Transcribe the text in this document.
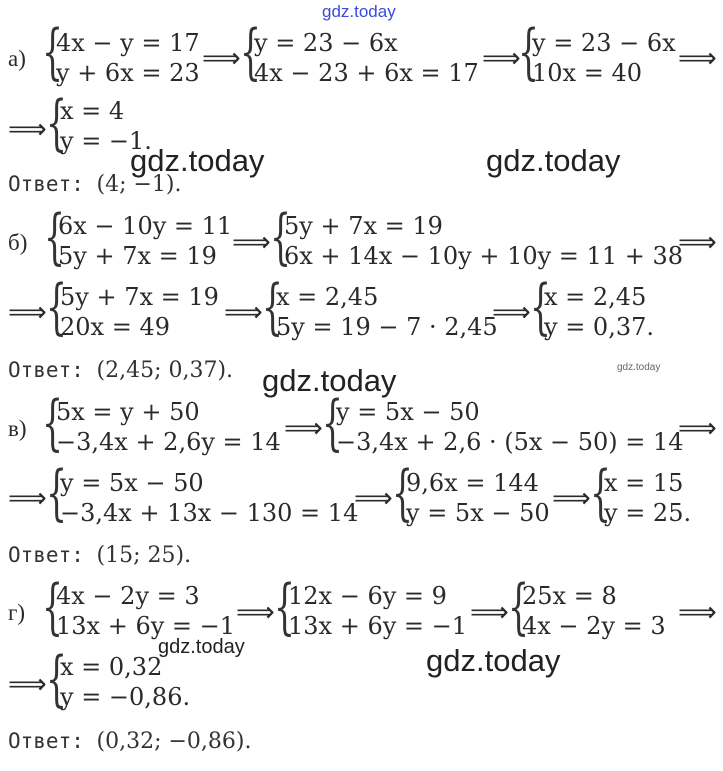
gdz.today
gdz.today	gdz.today
gdz.today	gdz.today
gdz.today	gdz.today
а) {
4x − y = 17
y + 6x = 23 ⟹ {
y = 23 − 6x
4x − 23 + 6x = 17 ⟹
{
y = 23 − 6x
10x = 40 ⟹
⟹ {
x = 4
y = −1.
Ответ: (4; −1).
б) {
6x − 10y = 11
5y + 7x = 19 ⟹ {
5y + 7x = 19
6x + 14x − 10y + 10y = 11 + 38
⟹
⟹ {
5y + 7x = 19
20x = 49 ⟹ {
x = 2,45
5y = 19 − 7 · 2,45
⟹ {
x = 2,45
y = 0,37.
Ответ: (2,45; 0,37).
в) {
5x = y + 50
−3,4x + 2,6y = 14 ⟹ {
y = 5x − 50
−3,4x + 2,6 · (5x − 50) = 14
⟹
⟹ {
y = 5x − 50
−3,4x + 13x − 130 = 14
⟹ {
9,6x = 144
y = 5x − 50 ⟹ {
x = 15
y = 25.
Ответ: (15; 25).
г) {
4x − 2y = 3
13x + 6y = −1 ⟹ {
12x − 6y = 9
13x + 6y = −1 ⟹ {
25x = 8
4x − 2y = 3 ⟹
⟹ {
x = 0,32
y = −0,86.
Ответ: (0,32; −0,86).
